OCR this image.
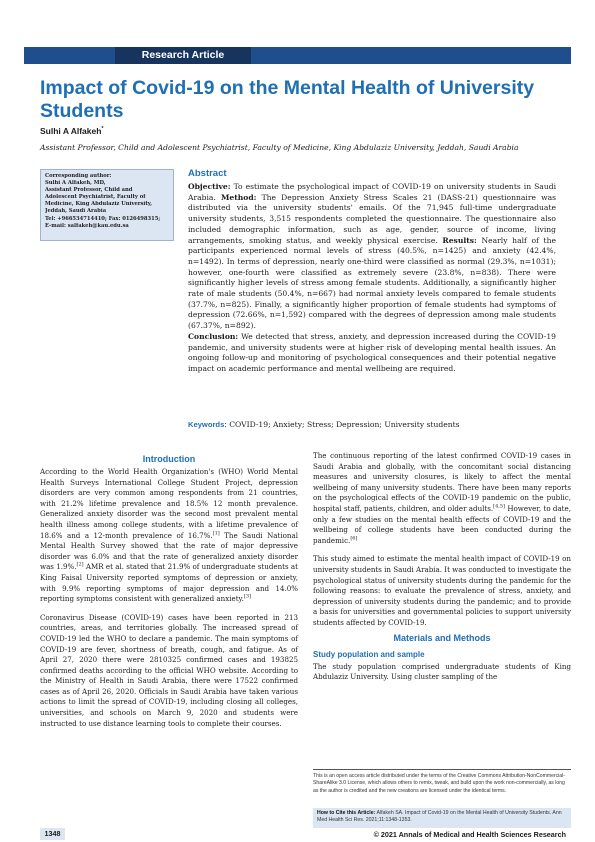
Research Article
Impact of Covid-19 on the Mental Health of University Students
Sulhi A Alfakeh*
Assistant Professor, Child and Adolescent Psychiatrist, Faculty of Medicine, King Abdulaziz University, Jeddah, Saudi Arabia
Corresponding author:
Sulhi A Alfakeh, MD,
Assistant Professor, Child and
Adolescent Psychiatrist, Faculty of
Medicine, King Abdulaziz University,
Jeddah, Saudi Arabia
Tel: +966534714410; Fax: 0126498315;
E-mail: salfakeh@kau.edu.sa
Abstract
Objective: To estimate the psychological impact of COVID-19 on university students in Saudi Arabia. Method: The Depression Anxiety Stress Scales 21 (DASS-21) questionnaire was distributed via the university students' emails. Of the 71,945 full-time undergraduate university students, 3,515 respondents completed the questionnaire. The questionnaire also included demographic information, such as age, gender, source of income, living arrangements, smoking status, and weekly physical exercise. Results: Nearly half of the participants experienced normal levels of stress (40.5%, n=1425) and anxiety (42.4%, n=1492). In terms of depression, nearly one-third were classified as normal (29.3%, n=1031); however, one-fourth were classified as extremely severe (23.8%, n=838). There were significantly higher levels of stress among female students. Additionally, a significantly higher rate of male students (50.4%, n=667) had normal anxiety levels compared to female students (37.7%, n=825). Finally, a significantly higher proportion of female students had symptoms of depression (72.66%, n=1,592) compared with the degrees of depression among male students (67.37%, n=892).
Conclusion: We detected that stress, anxiety, and depression increased during the COVID-19 pandemic, and university students were at higher risk of developing mental health issues. An ongoing follow-up and monitoring of psychological consequences and their potential negative impact on academic performance and mental wellbeing are required.
Keywords: COVID-19; Anxiety; Stress; Depression; University students
Introduction

According to the World Health Organization's (WHO) World Mental Health Surveys International College Student Project, depression disorders are very common among respondents from 21 countries, with 21.2% lifetime prevalence and 18.5% 12 month prevalence. Generalized anxiety disorder was the second most prevalent mental health illness among college students, with a lifetime prevalence of 18.6% and a 12-month prevalence of 16.7%.[1] The Saudi National Mental Health Survey showed that the rate of major depressive disorder was 6.0% and that the rate of generalized anxiety disorder was 1.9%.[2] AMR et al. stated that 21.9% of undergraduate students at King Faisal University reported symptoms of depression or anxiety, with 9.9% reporting symptoms of major depression and 14.0% reporting symptoms consistent with generalized anxiety.[3]

Coronavirus Disease (COVID-19) cases have been reported in 213 countries, areas, and territories globally. The increased spread of COVID-19 led the WHO to declare a pandemic. The main symptoms of COVID-19 are fever, shortness of breath, cough, and fatigue. As of April 27, 2020 there were 2810325 confirmed cases and 193825 confirmed deaths according to the official WHO website. According to the Ministry of Health in Saudi Arabia, there were 17522 confirmed cases as of April 26, 2020. Officials in Saudi Arabia have taken various actions to limit the spread of COVID-19, including closing all colleges, universities, and schools on March 9, 2020 and students were instructed to use distance learning tools to complete their courses.

The continuous reporting of the latest confirmed COVID-19 cases in Saudi Arabia and globally, with the concomitant social distancing measures and university closures, is likely to affect the mental wellbeing of many university students. There have been many reports on the psychological effects of the COVID-19 pandemic on the public, hospital staff, patients, children, and older adults.[4,5] However, to date, only a few studies on the mental health effects of COVID-19 and the wellbeing of college students have been conducted during the pandemic.[6]

This study aimed to estimate the mental health impact of COVID-19 on university students in Saudi Arabia. It was conducted to investigate the psychological status of university students during the pandemic for the following reasons: to evaluate the prevalence of stress, anxiety, and depression of university students during the pandemic; and to provide a basis for universities and governmental policies to support university students affected by COVID-19.

Materials and Methods
Study population and sample

The study population comprised undergraduate students of King Abdulaziz University. Using cluster sampling of the

This is an open access article distributed under the terms of the Creative Commons Attribution-NonCommercial-ShareAlike 3.0 License, which allows others to remix, tweak, and build upon the work non-commercially, as long as the author is credited and the new creations are licensed under the identical terms.
How to Cite this Article: Alfakeh SA. Impact of Covid-19 on the Mental Health of University Students. Ann Med Health Sci Res. 2021;11:1348-1353.
1348	© 2021 Annals of Medical and Health Sciences Research
